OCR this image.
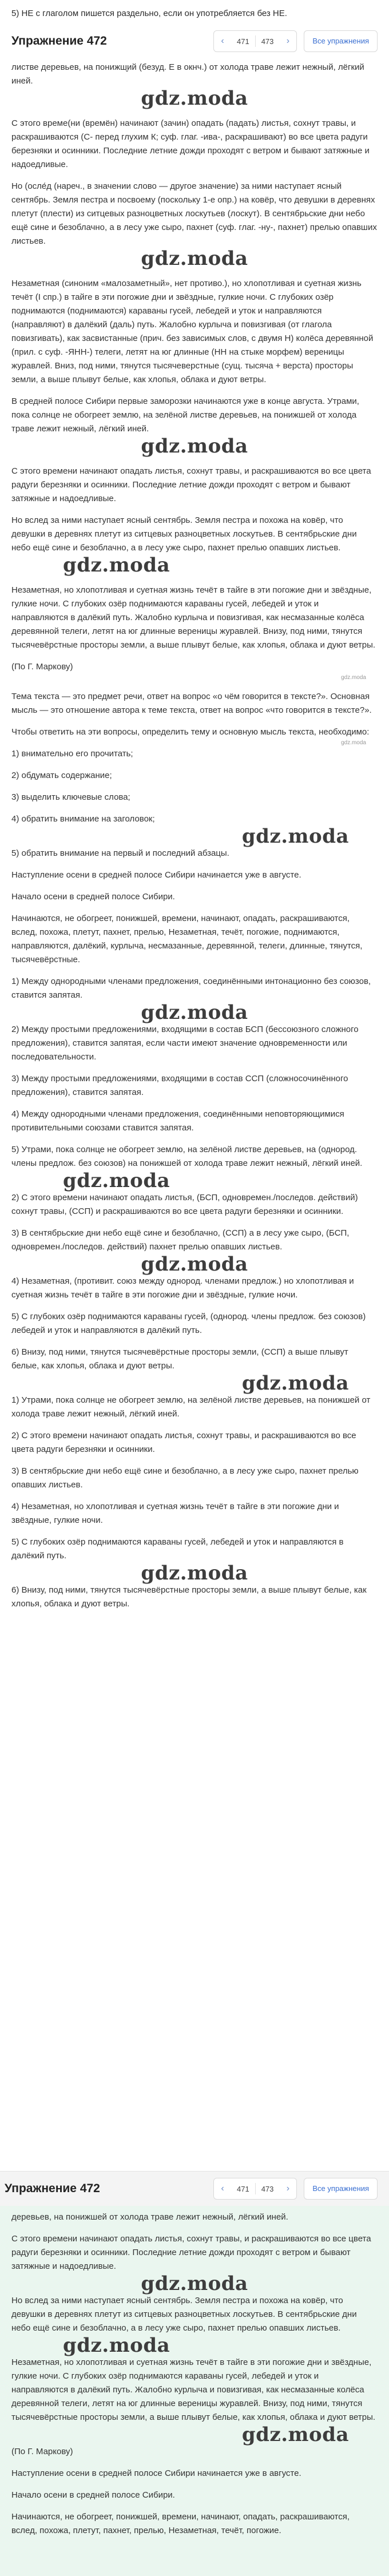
5) НЕ с глаголом пишется раздельно, если он употребляется без НЕ.
Упражнение 472	‹	471	473	›	Все упражнения

листве деревьев, на понижш̬ий (безуд. Е в окнч.) от холода траве лежит нежный, лёгкий иней.

gdz.moda

С этого време(ни (времён) начинают (зачин) опадать (падать) листья, сохнут травы, и раскрашиваются (С- перед глухим К; суф. глаг. -ива-, раскрашивают) во все цвета радуги березняки и осинники. Последние летние дожди проходят с ветром и бывают затяжные и надоедливые.

Но (осле́д (нареч., в значении слово — другое значение) за ними наступает ясный сентябрь. Земля пестра и посвоему (поскольку 1-е опр.) на ковёр, что девушки в деревнях плетут (плести) из ситцевых разноцветных лоскутьев (лоскут). В сентябрьские дни небо ещё сине и безоблачно, а в лесу уже сыро, пахнет (суф. глаг. -ну-, пахнет) прелью опавших листьев.

gdz.moda

Незаметная (синоним «малозаметный», нет противо.), но хлопотливая и суетная жизнь течёт (I спр.) в тайге в эти погожие дни и звёздные, гулкие ночи. С глубоких озёр поднимаются (поднимаются) караваны гусей, лебедей и уток и направляются (направляют) в далёкий (даль) путь. Жалобно курлыча и повизгивая (от глагола повизгивать), как засвистанные (прич. без зависимых слов, с двумя Н) колёса деревянной (прил. с суф. -ЯНН-) телеги, летят на юг длинные (НН на стыке морфем) вереницы журавлей. Вниз, под ними, тянутся тысячеверстные (сущ. тысяча + верста) просторы земли, а выше плывут белые, как хлопья, облака и дуют ветры.

В средней полосе Сибири первые заморозки начинаются уже в конце августа. Утрами, пока солнце не обогреет землю, на зелёной листве деревьев, на понижшей от холода траве лежит нежный, лёгкий иней.

gdz.moda

С этого времени начинают опадать листья, сохнут травы, и раскрашиваются во все цвета радуги березняки и осинники. Последние летние дожди проходят с ветром и бывают затяжные и надоедливые.

Но вслед за ними наступает ясный сентябрь. Земля пестра и похожа на ковёр, что девушки в деревнях плетут из ситцевых разноцветных лоскутьев. В сентябрьские дни небо ещё сине и безоблачно, а в лесу уже сыро, пахнет прелью опавших листьев.

gdz.moda

Незаметная, но хлопотливая и суетная жизнь течёт в тайге в эти погожие дни и звёздные, гулкие ночи. С глубоких озёр поднимаются караваны гусей, лебедей и уток и направляются в далёкий путь. Жалобно курлыча и повизгивая, как несмазанные колёса деревянной телеги, летят на юг длинные вереницы журавлей. Внизу, под ними, тянутся тысячевёрстные просторы земли, а выше плывут белые, как хлопья, облака и дуют ветры.

(По Г. Маркову)

gdz.moda

Тема текста — это предмет речи, ответ на вопрос «о чём говорится в тексте?». Основная мысль — это отношение автора к теме текста, ответ на вопрос «что говорится в тексте?».

Чтобы ответить на эти вопросы, определить тему и основную мысль текста, необходимо:

gdz.moda

1) внимательно его прочитать;

2) обдумать содержание;

3) выделить ключевые слова;

4) обратить внимание на заголовок;

gdz.moda

5) обратить внимание на первый и последний абзацы.

Наступление осени в средней полосе Сибири начинается уже в августе.

Начало осени в средней полосе Сибири.

Начинаются, не обогреет, понижшей, времени, начинают, опадать, раскрашиваются, вслед, похожа, плетут, пахнет, прелью, Незаметная, течёт, погожие, поднимаются, направляются, далёкий, курлыча, несмазанные, деревянной, телеги, длинные, тянутся, тысячевёрстные.

1) Между однородными членами предложения, соединёнными интонационно без союзов, ставится запятая.

gdz.moda

2) Между простыми предложениями, входящими в состав БСП (бессоюзного сложного предложения), ставится запятая, если части имеют значение одновременности или последовательности.

3) Между простыми предложениями, входящими в состав ССП (сложносочинённого предложения), ставится запятая.

4) Между однородными членами предложения, соединёнными неповторяющимися противительными союзами ставится запятая.

5) Утрами, пока солнце не обогреет землю, на зелёной листве деревьев, на (однород. члены предлож. без союзов) на понижшей от холода траве лежит нежный, лёгкий иней.

gdz.moda

2) С этого времени начинают опадать листья, (БСП, одновремен./последов. действий) сохнут травы, (ССП) и раскрашиваются во все цвета радуги березняки и осинники.

3) В сентябрьские дни небо ещё сине и безоблачно, (ССП) а в лесу уже сыро, (БСП, одновремен./последов. действий) пахнет прелью опавших листьев.

gdz.moda

4) Незаметная, (противит. союз между однород. членами предлож.) но хлопотливая и суетная жизнь течёт в тайге в эти погожие дни и звёздные, гулкие ночи.

5) С глубоких озёр поднимаются караваны гусей, (однород. члены предлож. без союзов) лебедей и уток и направляются в далёкий путь.

6) Внизу, под ними, тянутся тысячевёрстные просторы земли, (ССП) а выше плывут белые, как хлопья, облака и дуют ветры.

gdz.moda

1) Утрами, пока солнце не обогреет землю, на зелёной листве деревьев, на понижшей от холода траве лежит нежный, лёгкий иней.

2) С этого времени начинают опадать листья, сохнут травы, и раскрашиваются во все цвета радуги березняки и осинники.

3) В сентябрьские дни небо ещё сине и безоблачно, а в лесу уже сыро, пахнет прелью опавших листьев.

4) Незаметная, но хлопотливая и суетная жизнь течёт в тайге в эти погожие дни и звёздные, гулкие ночи.

5) С глубоких озёр поднимаются караваны гусей, лебедей и уток и направляются в далёкий путь.

gdz.moda

6) Внизу, под ними, тянутся тысячевёрстные просторы земли, а выше плывут белые, как хлопья, облака и дуют ветры.

Упражнение 472	‹	471	473	›	Все упражнения

деревьев, на понижшей от холода траве лежит нежный, лёгкий иней.

С этого времени начинают опадать листья, сохнут травы, и раскрашиваются во все цвета радуги березняки и осинники. Последние летние дожди проходят с ветром и бывают затяжные и надоедливые.

gdz.moda

Но вслед за ними наступает ясный сентябрь. Земля пестра и похожа на ковёр, что девушки в деревнях плетут из ситцевых разноцветных лоскутьев. В сентябрьские дни небо ещё сине и безоблачно, а в лесу уже сыро, пахнет прелью опавших листьев.

gdz.moda

Незаметная, но хлопотливая и суетная жизнь течёт в тайге в эти погожие дни и звёздные, гулкие ночи. С глубоких озёр поднимаются караваны гусей, лебедей и уток и направляются в далёкий путь. Жалобно курлыча и повизгивая, как несмазанные колёса деревянной телеги, летят на юг длинные вереницы журавлей. Внизу, под ними, тянутся тысячевёрстные просторы земли, а выше плывут белые, как хлопья, облака и дуют ветры.

gdz.moda

(По Г. Маркову)

Наступление осени в средней полосе Сибири начинается уже в августе.

Начало осени в средней полосе Сибири.

Начинаются, не обогреет, понижшей, времени, начинают, опадать, раскрашиваются, вслед, похожа, плетут, пахнет, прелью, Незаметная, течёт, погожие.
